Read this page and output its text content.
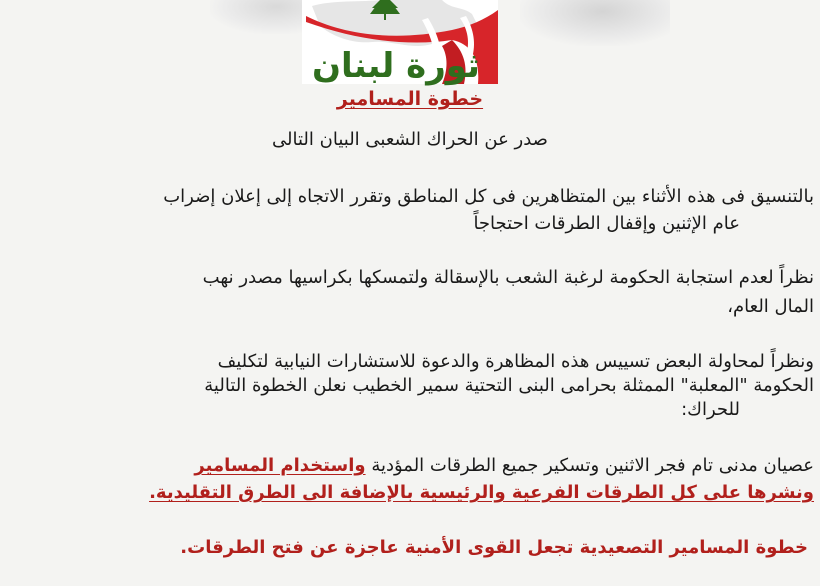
ثورة لبنان
خطوة المسامير
صدر عن الحراك الشعبى البيان التالى
بالتنسيق فى هذه الأثناء بين المتظاهرين فى كل المناطق وتقرر الاتجاه إلى إعلان إضراب
عام الإثنين وإقفال الطرقات احتجاجاً
نظراً لعدم استجابة الحكومة لرغبة الشعب بالإسقالة ولتمسكها بكراسيها مصدر نهب
المال العام،
ونظراً لمحاولة البعض تسييس هذه المظاهرة والدعوة للاستشارات النيابية لتكليف
الحكومة "المعلبة" الممثلة بحرامى البنى التحتية سمير الخطيب نعلن الخطوة التالية
للحراك:
عصيان مدنى تام فجر الاثنين وتسكير جميع الطرقات المؤدية واستخدام المسامير
ونشرها على كل الطرقات الفرعية والرئيسية بالإضافة الى الطرق التقليدية.
خطوة المسامير التصعيدية تجعل القوى الأمنية عاجزة عن فتح الطرقات.
